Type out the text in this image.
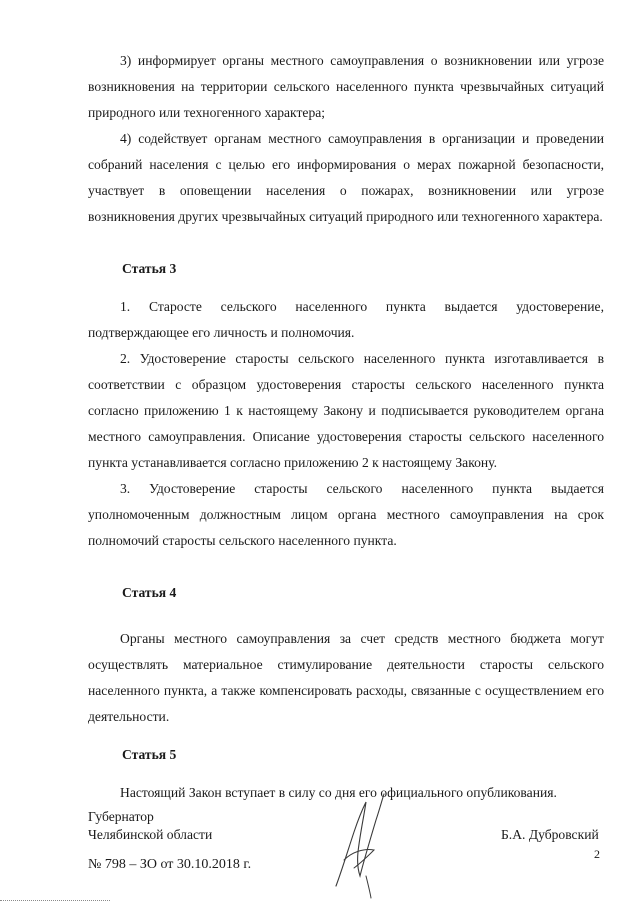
3) информирует органы местного самоуправления о возникновении или угрозе возникновения на территории сельского населенного пункта чрезвычайных ситуаций природного или техногенного характера;

4) содействует органам местного самоуправления в организации и проведении собраний населения с целью его информирования о мерах пожарной безопасности, участвует в оповещении населения о пожарах, возникновении или угрозе возникновения других чрезвычайных ситуаций природного или техногенного характера.

Статья 3

1. Старосте сельского населенного пункта выдается удостоверение, подтверждающее его личность и полномочия.

2. Удостоверение старосты сельского населенного пункта изготавливается в соответствии с образцом удостоверения старосты сельского населенного пункта согласно приложению 1 к настоящему Закону и подписывается руководителем органа местного самоуправления. Описание удостоверения старосты сельского населенного пункта устанавливается согласно приложению 2 к настоящему Закону.

3. Удостоверение старосты сельского населенного пункта выдается уполномоченным должностным лицом органа местного самоуправления на срок полномочий старосты сельского населенного пункта.

Статья 4

Органы местного самоуправления за счет средств местного бюджета могут осуществлять материальное стимулирование деятельности старосты сельского населенного пункта, а также компенсировать расходы, связанные с осуществлением его деятельности.

Статья 5

Настоящий Закон вступает в силу со дня его официального опубликования.

Губернатор
Челябинской области	Б.А. Дубровский
2
№ 798 – ЗО от 30.10.2018 г.
